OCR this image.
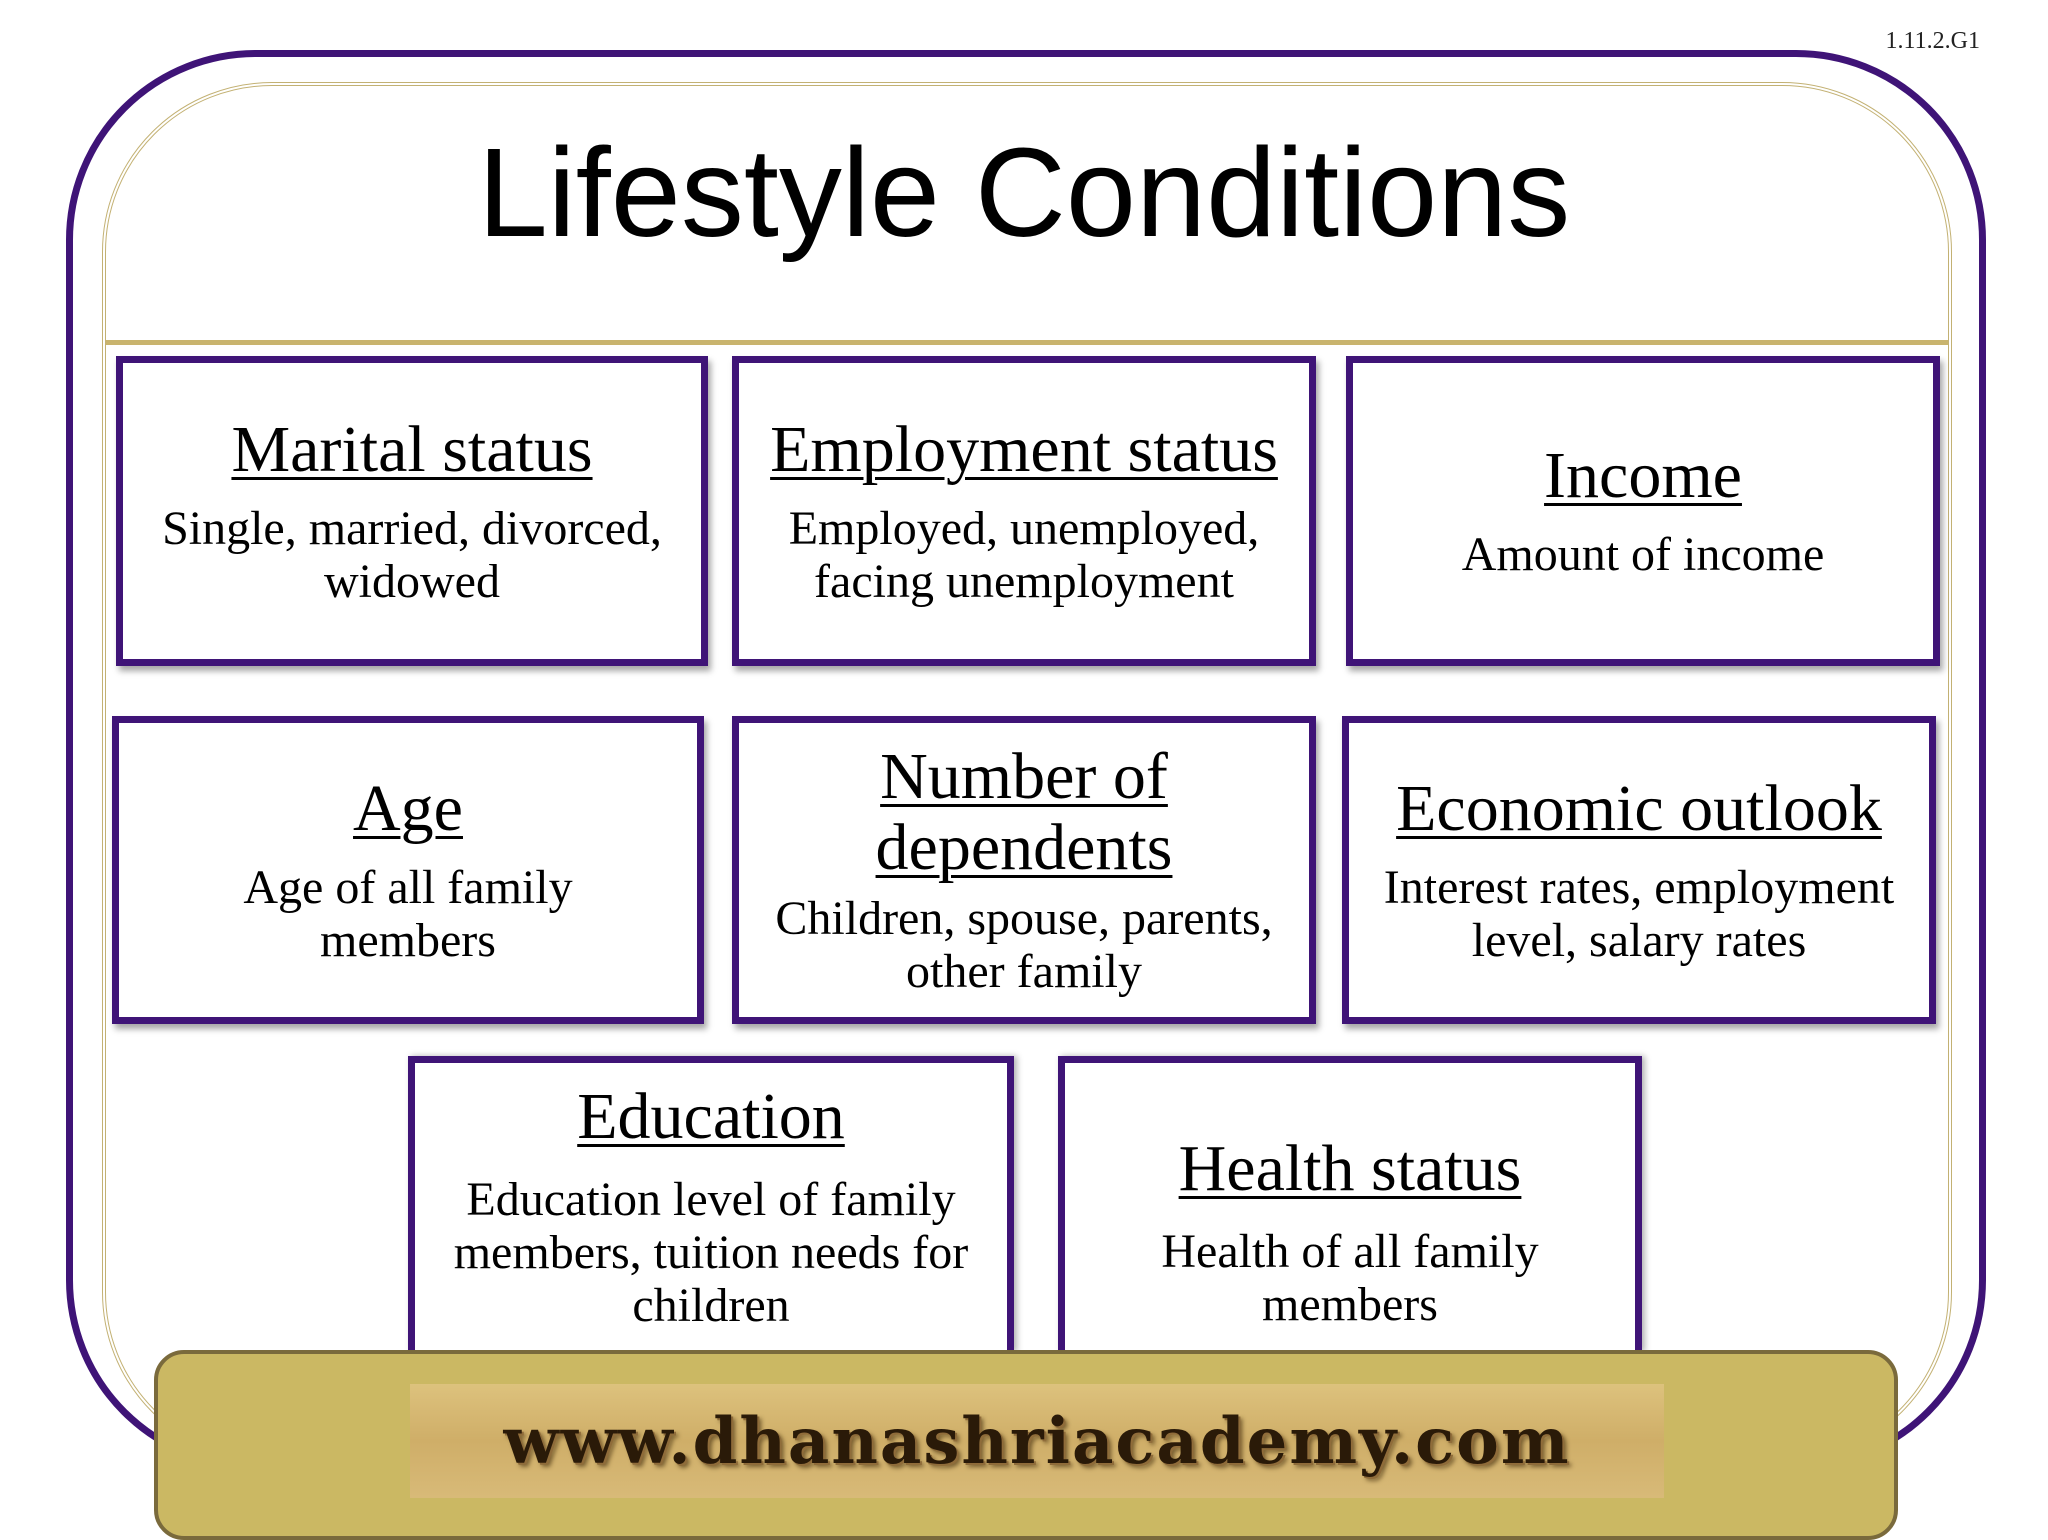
1.11.2.G1
Lifestyle Conditions
Marital status
Single, married, divorced, widowed
Employment status
Employed, unemployed, facing unemployment
Income
Amount of income
Age
Age of all family members
Number of dependents
Children, spouse, parents, other family
Economic outlook
Interest rates, employment level, salary rates
Education
Education level of family members, tuition needs for children
Health status
Health of all family members
www.dhanashriacademy.com
